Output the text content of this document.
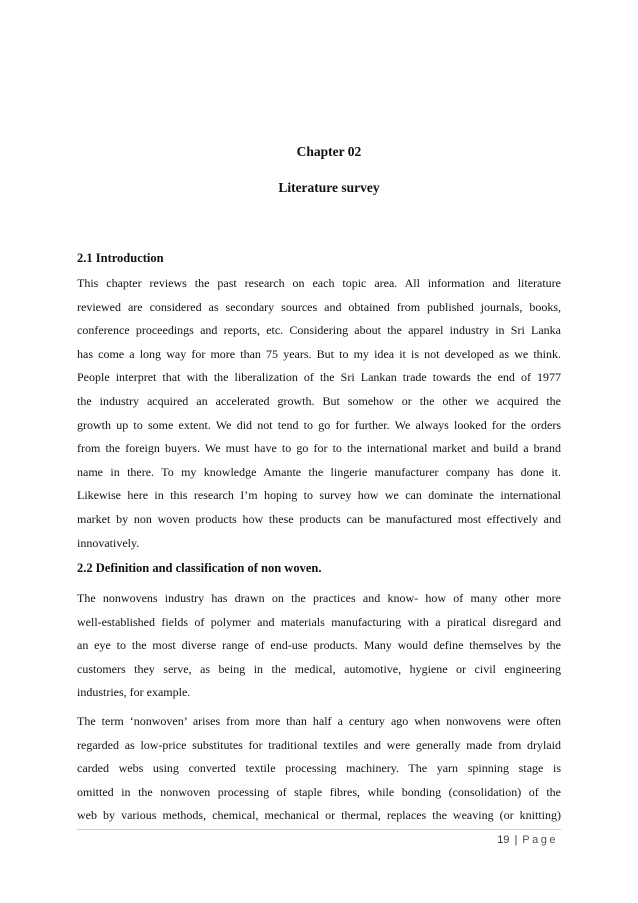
Chapter 02
Literature survey
2.1 Introduction
This chapter reviews the past research on each topic area. All information and literature
reviewed are considered as secondary sources and obtained from published journals, books,
conference proceedings and reports, etc. Considering about the apparel industry in Sri Lanka
has come a long way for more than 75 years. But to my idea it is not developed as we think.
People interpret that with the liberalization of the Sri Lankan trade towards the end of 1977
the industry acquired an accelerated growth. But somehow or the other we acquired the
growth up to some extent. We did not tend to go for further. We always looked for the orders
from the foreign buyers. We must have to go for to the international market and build a brand
name in there. To my knowledge Amante the lingerie manufacturer company has done it.
Likewise here in this research I’m hoping to survey how we can dominate the international
market by non woven products how these products can be manufactured most effectively and
innovatively.
2.2 Definition and classification of non woven.
The nonwovens industry has drawn on the practices and know- how of many other more
well-established fields of polymer and materials manufacturing with a piratical disregard and
an eye to the most diverse range of end-use products. Many would define themselves by the
customers they serve, as being in the medical, automotive, hygiene or civil engineering
industries, for example.
The term ‘nonwoven’ arises from more than half a century ago when nonwovens were often
regarded as low-price substitutes for traditional textiles and were generally made from drylaid
carded webs using converted textile processing machinery. The yarn spinning stage is
omitted in the nonwoven processing of staple fibres, while bonding (consolidation) of the
web by various methods, chemical, mechanical or thermal, replaces the weaving (or knitting)
19 | Page
